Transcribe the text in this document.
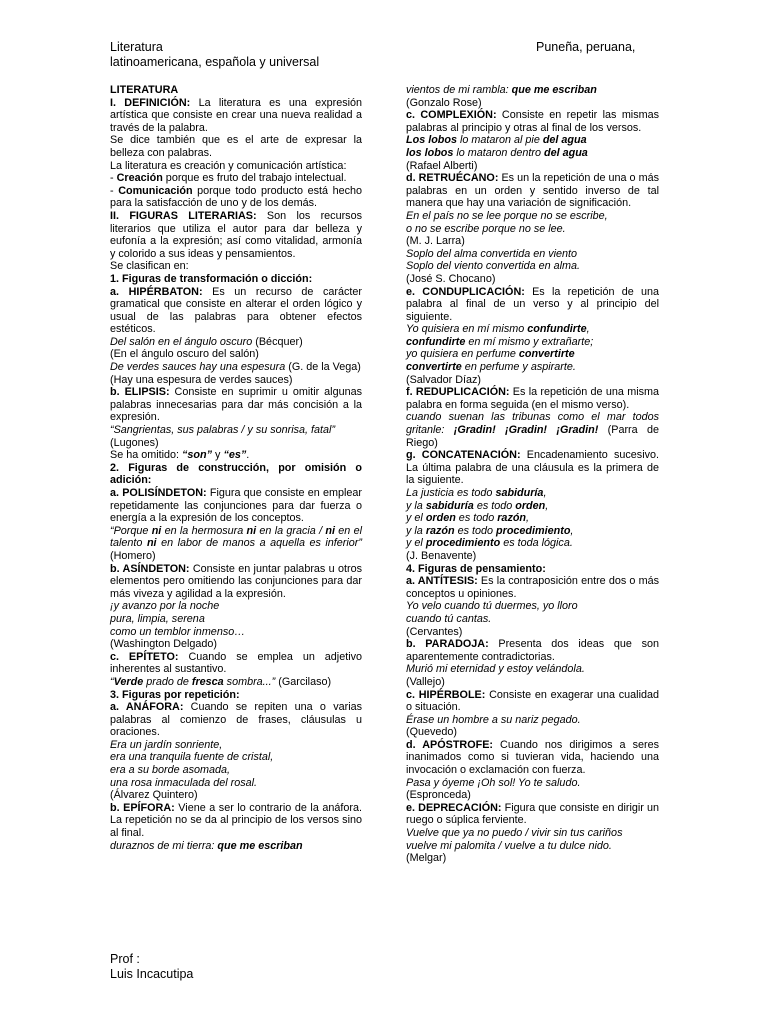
Literatura
latinoamericana, española y universal
Puneña, peruana,

LITERATURA

I. DEFINICIÓN: La literatura es una expresión artística que consiste en crear una nueva realidad a través de la palabra.

Se dice también que es el arte de expresar la belleza con palabras.

La literatura es creación y comunicación artística:

- Creación porque es fruto del trabajo intelectual.

- Comunicación porque todo producto está hecho para la satisfacción de uno y de los demás.

II. FIGURAS LITERARIAS: Son los recursos literarios que utiliza el autor para dar belleza y eufonía a la expresión; así como vitalidad, armonía y colorido a sus ideas y pensamientos.

Se clasifican en:

1. Figuras de transformación o dicción:

a. HIPÉRBATON: Es un recurso de carácter gramatical que consiste en alterar el orden lógico y usual de las palabras para obtener efectos estéticos.

Del salón en el ángulo oscuro (Bécquer)

(En el ángulo oscuro del salón)

De verdes sauces hay una espesura (G. de la Vega)

(Hay una espesura de verdes sauces)

b. ELIPSIS: Consiste en suprimir u omitir algunas palabras innecesarias para dar más concisión a la expresión.

“Sangrientas, sus palabras / y su sonrisa, fatal”

(Lugones)

Se ha omitido: “son” y “es”.

2. Figuras de construcción, por omisión o adición:

a. POLISÍNDETON: Figura que consiste en emplear repetidamente las conjunciones para dar fuerza o energía a la expresión de los conceptos.

“Porque ni en la hermosura ni en la gracia / ni en el talento ni en labor de manos a aquella es inferior” (Homero)

b. ASÍNDETON: Consiste en juntar palabras u otros elementos pero omitiendo las conjunciones para dar más viveza y agilidad a la expresión.

¡y avanzo por la noche

pura, limpia, serena

como un temblor inmenso…

(Washington Delgado)

c. EPÍTETO: Cuando se emplea un adjetivo inherentes al sustantivo.

“Verde prado de fresca sombra...” (Garcilaso)

3. Figuras por repetición:

a. ANÁFORA: Cuando se repiten una o varias palabras al comienzo de frases, cláusulas u oraciones.

Era un jardín sonriente,

era una tranquila fuente de cristal,

era a su borde asomada,

una rosa inmaculada del rosal.

(Álvarez Quintero)

b. EPÍFORA: Viene a ser lo contrario de la anáfora. La repetición no se da al principio de los versos sino al final.

duraznos de mi tierra: que me escriban

vientos de mi rambla: que me escriban

(Gonzalo Rose)

c. COMPLEXIÓN: Consiste en repetir las mismas palabras al principio y otras al final de los versos.

Los lobos lo mataron al pie del agua

los lobos lo mataron dentro del agua

(Rafael Alberti)

d. RETRUÉCANO: Es un la repetición de una o más palabras en un orden y sentido inverso de tal manera que hay una variación de significación.

En el país no se lee porque no se escribe,

o no se escribe porque no se lee.

(M. J. Larra)

Soplo del alma convertida en viento

Soplo del viento convertida en alma.

(José S. Chocano)

e. CONDUPLICACIÓN: Es la repetición de una palabra al final de un verso y al principio del siguiente.

Yo quisiera en mí mismo confundirte,

confundirte en mí mismo y extrañarte;

yo quisiera en perfume convertirte

convertirte en perfume y aspirarte.

(Salvador Díaz)

f. REDUPLICACIÓN: Es la repetición de una misma palabra en forma seguida (en el mismo verso).

cuando suenan las tribunas como el mar todos gritanle: ¡Gradin! ¡Gradin! ¡Gradin! (Parra de Riego)

g. CONCATENACIÓN: Encadenamiento sucesivo. La última palabra de una cláusula es la primera de la siguiente.

La justicia es todo sabiduría,

y la sabiduría es todo orden,

y el orden es todo razón,

y la razón es todo procedimiento,

y el procedimiento es toda lógica.

(J. Benavente)

4. Figuras de pensamiento:

a. ANTÍTESIS: Es la contraposición entre dos o más conceptos u opiniones.

Yo velo cuando tú duermes, yo lloro

cuando tú cantas.

(Cervantes)

b. PARADOJA: Presenta dos ideas que son aparentemente contradictorias.

Murió mi eternidad y estoy velándola.

(Vallejo)

c. HIPÉRBOLE: Consiste en exagerar una cualidad o situación.

Érase un hombre a su nariz pegado.

(Quevedo)

d. APÓSTROFE: Cuando nos dirigimos a seres inanimados como si tuvieran vida, haciendo una invocación o exclamación con fuerza.

Pasa y óyeme ¡Oh sol! Yo te saludo.

(Espronceda)

e. DEPRECACIÓN: Figura que consiste en dirigir un ruego o súplica ferviente.

Vuelve que ya no puedo / vivir sin tus cariños

vuelve mi palomita / vuelve a tu dulce nido.

(Melgar)

Prof :
Luis Incacutipa
